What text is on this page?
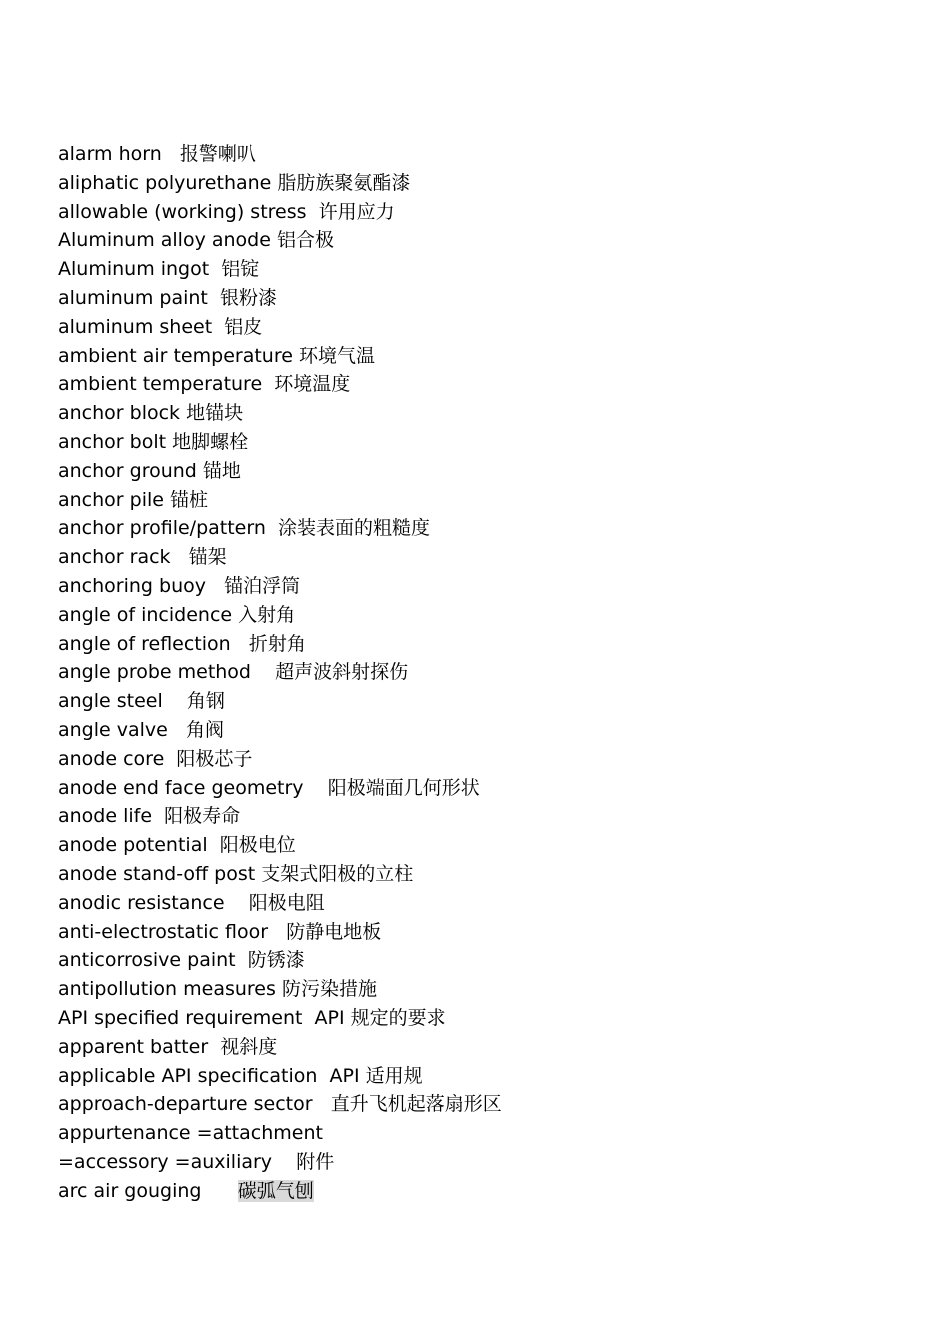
alarm horn   报警喇叭
aliphatic polyurethane 脂肪族聚氨酯漆
allowable (working) stress  许用应力
Aluminum alloy anode 铝合极
Aluminum ingot  铝锭
aluminum paint  银粉漆
aluminum sheet  铝皮
ambient air temperature 环境气温
ambient temperature  环境温度
anchor block 地锚块
anchor bolt 地脚螺栓
anchor ground 锚地
anchor pile 锚桩
anchor profile/pattern  涂装表面的粗糙度
anchor rack   锚架
anchoring buoy   锚泊浮筒
angle of incidence 入射角
angle of reflection   折射角
angle probe method    超声波斜射探伤
angle steel    角钢
angle valve   角阀
anode core  阳极芯子
anode end face geometry    阳极端面几何形状
anode life  阳极寿命
anode potential  阳极电位
anode stand-off post 支架式阳极的立柱
anodic resistance    阳极电阻
anti-electrostatic floor   防静电地板
anticorrosive paint  防锈漆
antipollution measures 防污染措施
API specified requirement  API 规定的要求
apparent batter  视斜度
applicable API specification  API 适用规
approach-departure sector   直升飞机起落扇形区
appurtenance =attachment
=accessory =auxiliary    附件
arc air gouging      碳弧气刨
